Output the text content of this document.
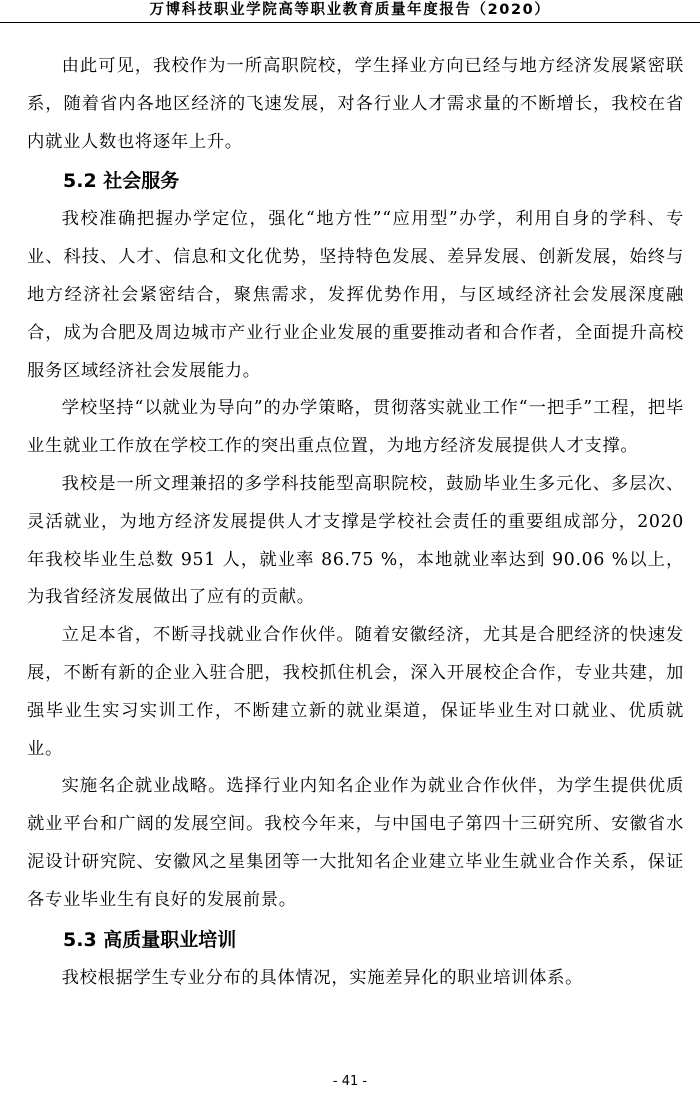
万博科技职业学院高等职业教育质量年度报告（2020）

由此可见，我校作为一所高职院校，学生择业方向已经与地方经济发展紧密联系，随着省内各地区经济的飞速发展，对各行业人才需求量的不断增长，我校在省内就业人数也将逐年上升。

5.2 社会服务

我校准确把握办学定位，强化“地方性”“应用型”办学，利用自身的学科、专业、科技、人才、信息和文化优势，坚持特色发展、差异发展、创新发展，始终与地方经济社会紧密结合，聚焦需求，发挥优势作用，与区域经济社会发展深度融合，成为合肥及周边城市产业行业企业发展的重要推动者和合作者，全面提升高校服务区域经济社会发展能力。

学校坚持“以就业为导向”的办学策略，贯彻落实就业工作“一把手”工程，把毕业生就业工作放在学校工作的突出重点位置，为地方经济发展提供人才支撑。

我校是一所文理兼招的多学科技能型高职院校，鼓励毕业生多元化、多层次、灵活就业，为地方经济发展提供人才支撑是学校社会责任的重要组成部分，2020 年我校毕业生总数 951 人，就业率 86.75 %，本地就业率达到 90.06 %以上，为我省经济发展做出了应有的贡献。

立足本省，不断寻找就业合作伙伴。随着安徽经济，尤其是合肥经济的快速发展，不断有新的企业入驻合肥，我校抓住机会，深入开展校企合作，专业共建，加强毕业生实习实训工作，不断建立新的就业渠道，保证毕业生对口就业、优质就业。

实施名企就业战略。选择行业内知名企业作为就业合作伙伴，为学生提供优质就业平台和广阔的发展空间。我校今年来，与中国电子第四十三研究所、安徽省水泥设计研究院、安徽风之星集团等一大批知名企业建立毕业生就业合作关系，保证各专业毕业生有良好的发展前景。

5.3 高质量职业培训

我校根据学生专业分布的具体情况，实施差异化的职业培训体系。

- 41 -
